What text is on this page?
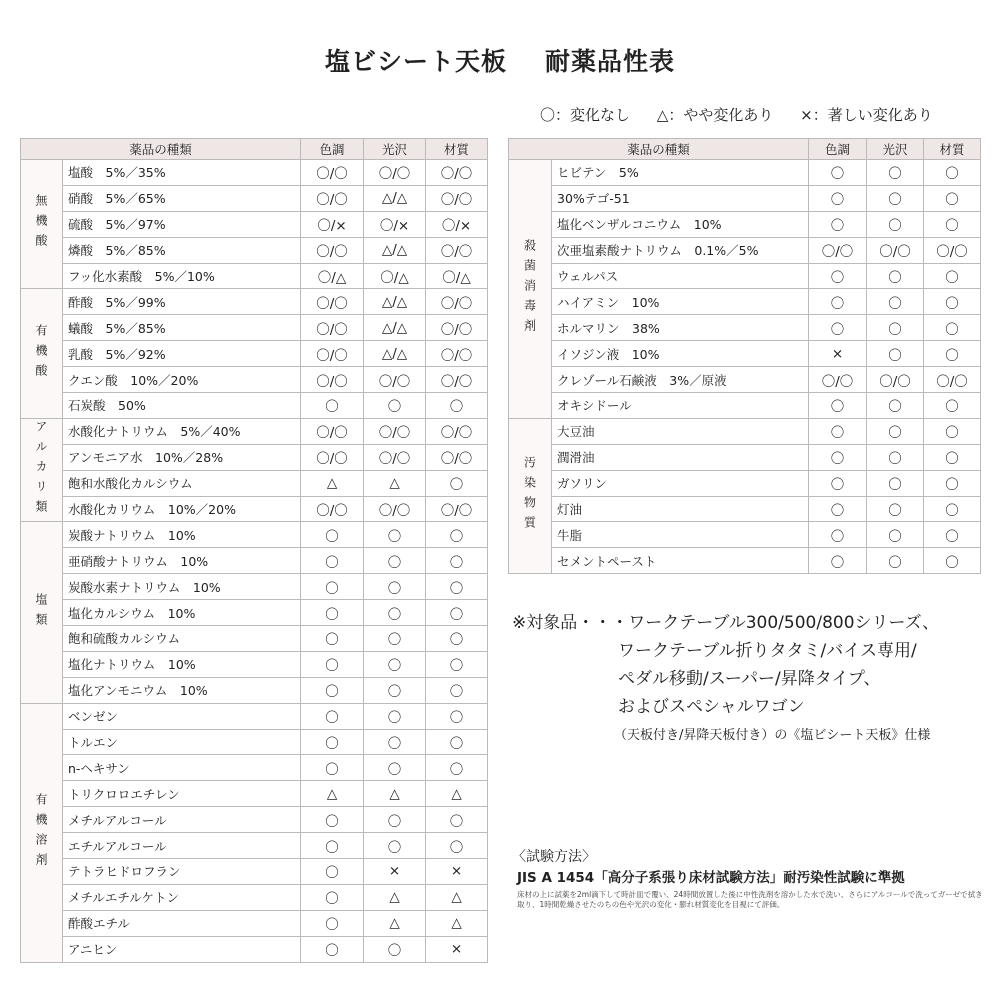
塩ビシート天板 耐薬品性表
〇：変化なし △：やや変化あり ×：著しい変化あり
薬品の種類		色調	光沢	材質
無機酸	塩酸　5%／35%	〇/〇	〇/〇	〇/〇
	硝酸　5%／65%	〇/〇	△/△	〇/〇
	硫酸　5%／97%	〇/×	〇/×	〇/×
	燐酸　5%／85%	〇/〇	△/△	〇/〇
	フッ化水素酸　5%／10%	〇/△	〇/△	〇/△
有機酸	酢酸　5%／99%	〇/〇	△/△	〇/〇
	蟻酸　5%／85%	〇/〇	△/△	〇/〇
	乳酸　5%／92%	〇/〇	△/△	〇/〇
	クエン酸　10%／20%	〇/〇	〇/〇	〇/〇
	石炭酸　50%	〇	〇	〇
アルカリ類	水酸化ナトリウム　5%／40%	〇/〇	〇/〇	〇/〇
	アンモニア水　10%／28%	〇/〇	〇/〇	〇/〇
	飽和水酸化カルシウム	△	△	〇
	水酸化カリウム　10%／20%	〇/〇	〇/〇	〇/〇
塩類	炭酸ナトリウム　10%	〇	〇	〇
	亜硝酸ナトリウム　10%	〇	〇	〇
	炭酸水素ナトリウム　10%	〇	〇	〇
	塩化カルシウム　10%	〇	〇	〇
	飽和硫酸カルシウム	〇	〇	〇
	塩化ナトリウム　10%	〇	〇	〇
	塩化アンモニウム　10%	〇	〇	〇
有機溶剤	ベンゼン	〇	〇	〇
	トルエン	〇	〇	〇
	n-ヘキサン	〇	〇	〇
	トリクロロエチレン	△	△	△
	メチルアルコール	〇	〇	〇
	エチルアルコール	〇	〇	〇
	テトラヒドロフラン	〇	×	×
	メチルエチルケトン	〇	△	△
	酢酸エチル	〇	△	△
	アニヒン	〇	〇	×
薬品の種類		色調	光沢	材質
殺菌消毒剤	ヒビテン　5%	〇	〇	〇
	30%テゴ-51	〇	〇	〇
	塩化ベンザルコニウム　10%	〇	〇	〇
	次亜塩素酸ナトリウム　0.1%／5%	〇/〇	〇/〇	〇/〇
	ウェルパス	〇	〇	〇
	ハイアミン　10%	〇	〇	〇
	ホルマリン　38%	〇	〇	〇
	イソジン液　10%	×	〇	〇
	クレゾール石鹸液　3%／原液	〇/〇	〇/〇	〇/〇
	オキシドール	〇	〇	〇
汚染物質	大豆油	〇	〇	〇
	潤滑油	〇	〇	〇
	ガソリン	〇	〇	〇
	灯油	〇	〇	〇
	牛脂	〇	〇	〇
	セメントペースト	〇	〇	〇
※対象品・・・ワークテーブル300/500/800シリーズ、
ワークテーブル折りタタミ/バイス専用/
ペダル移動/スーパー/昇降タイプ、
およびスペシャルワゴン
（天板付き/昇降天板付き）の《塩ビシート天板》仕様
〈試験方法〉
JIS A 1454「高分子系張り床材試験方法」耐汚染性試験に準拠
床材の上に試薬を2ml滴下して時計皿で覆い、24時間放置した後に中性洗剤を溶かした水で洗い、さらにアルコールで洗ってガーゼで拭き取り、1時間乾燥させたのちの色や光沢の変化・膨れ材質変化を目視にて評価。
